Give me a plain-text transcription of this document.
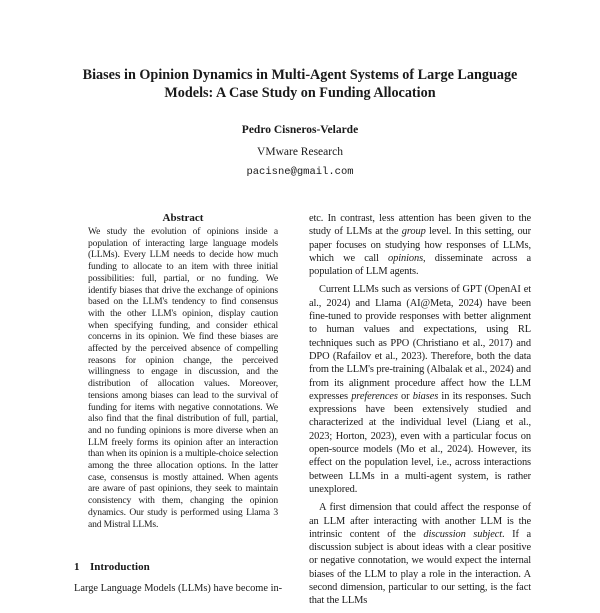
Biases in Opinion Dynamics in Multi-Agent Systems of Large Language Models: A Case Study on Funding Allocation
Pedro Cisneros-Velarde
VMware Research
pacisne@gmail.com
Abstract
We study the evolution of opinions inside a population of interacting large language models (LLMs). Every LLM needs to decide how much funding to allocate to an item with three initial possibilities: full, partial, or no funding. We identify biases that drive the exchange of opinions based on the LLM's tendency to find consensus with the other LLM's opinion, display caution when specifying funding, and consider ethical concerns in its opinion. We find these biases are affected by the perceived absence of compelling reasons for opinion change, the perceived willingness to engage in discussion, and the distribution of allocation values. Moreover, tensions among biases can lead to the survival of funding for items with negative connotations. We also find that the final distribution of full, partial, and no funding opinions is more diverse when an LLM freely forms its opinion after an interaction than when its opinion is a multiple-choice selection among the three allocation options. In the latter case, consensus is mostly attained. When agents are aware of past opinions, they seek to maintain consistency with them, changing the opinion dynamics. Our study is performed using Llama 3 and Mistral LLMs.
1 Introduction
Large Language Models (LLMs) have become in-

etc. In contrast, less attention has been given to the study of LLMs at the group level. In this setting, our paper focuses on studying how responses of LLMs, which we call opinions, disseminate across a population of LLM agents.

Current LLMs such as versions of GPT (OpenAI et al., 2024) and Llama (AI@Meta, 2024) have been fine-tuned to provide responses with better alignment to human values and expectations, using RL techniques such as PPO (Christiano et al., 2017) and DPO (Rafailov et al., 2023). Therefore, both the data from the LLM's pre-training (Albalak et al., 2024) and from its alignment procedure affect how the LLM expresses preferences or biases in its responses. Such expressions have been extensively studied and characterized at the individual level (Liang et al., 2023; Horton, 2023), even with a particular focus on open-source models (Mo et al., 2024). However, its effect on the population level, i.e., across interactions between LLMs in a multi-agent system, is rather unexplored.

A first dimension that could affect the response of an LLM after interacting with another LLM is the intrinsic content of the discussion subject. If a discussion subject is about ideas with a clear positive or negative connotation, we would expect the internal biases of the LLM to play a role in the interaction. A second dimension, particular to our setting, is the fact that the LLMs
